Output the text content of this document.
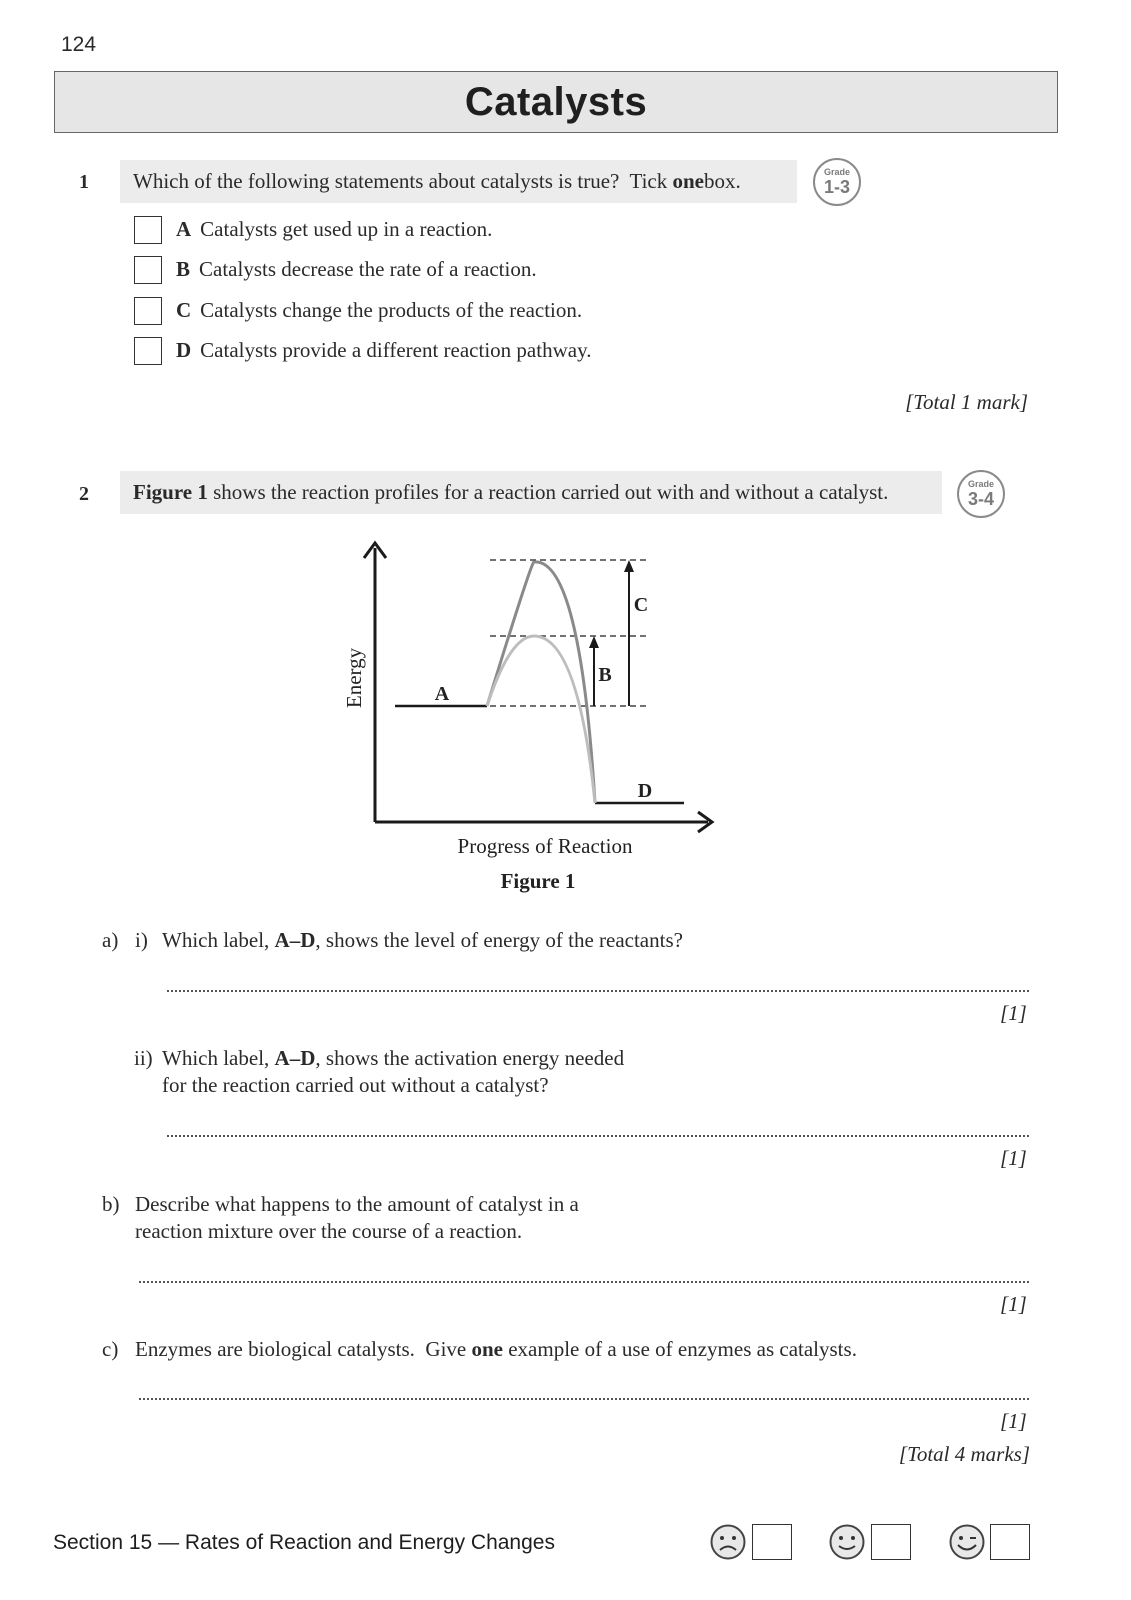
124
Catalysts
1 Which of the following statements about catalysts is true?  Tick one box.	Grade
1-3
A Catalysts get used up in a reaction.
B Catalysts decrease the rate of a reaction.
C Catalysts change the products of the reaction.
D Catalysts provide a different reaction pathway.
[Total 1 mark]
2 Figure 1 shows the reaction profiles for a reaction carried out with and without a catalyst.	Grade
3-4
A
B
C
D
Energy
Progress of Reaction
Figure 1
a) i) Which label, A–D, shows the level of energy of the reactants?
[1]
ii) Which label, A–D, shows the activation energy needed
for the reaction carried out without a catalyst?
[1]
b) Describe what happens to the amount of catalyst in a
reaction mixture over the course of a reaction.
[1]
c) Enzymes are biological catalysts.  Give one example of a use of enzymes as catalysts.
[1]
[Total 4 marks]
Section 15 — Rates of Reaction and Energy Changes
